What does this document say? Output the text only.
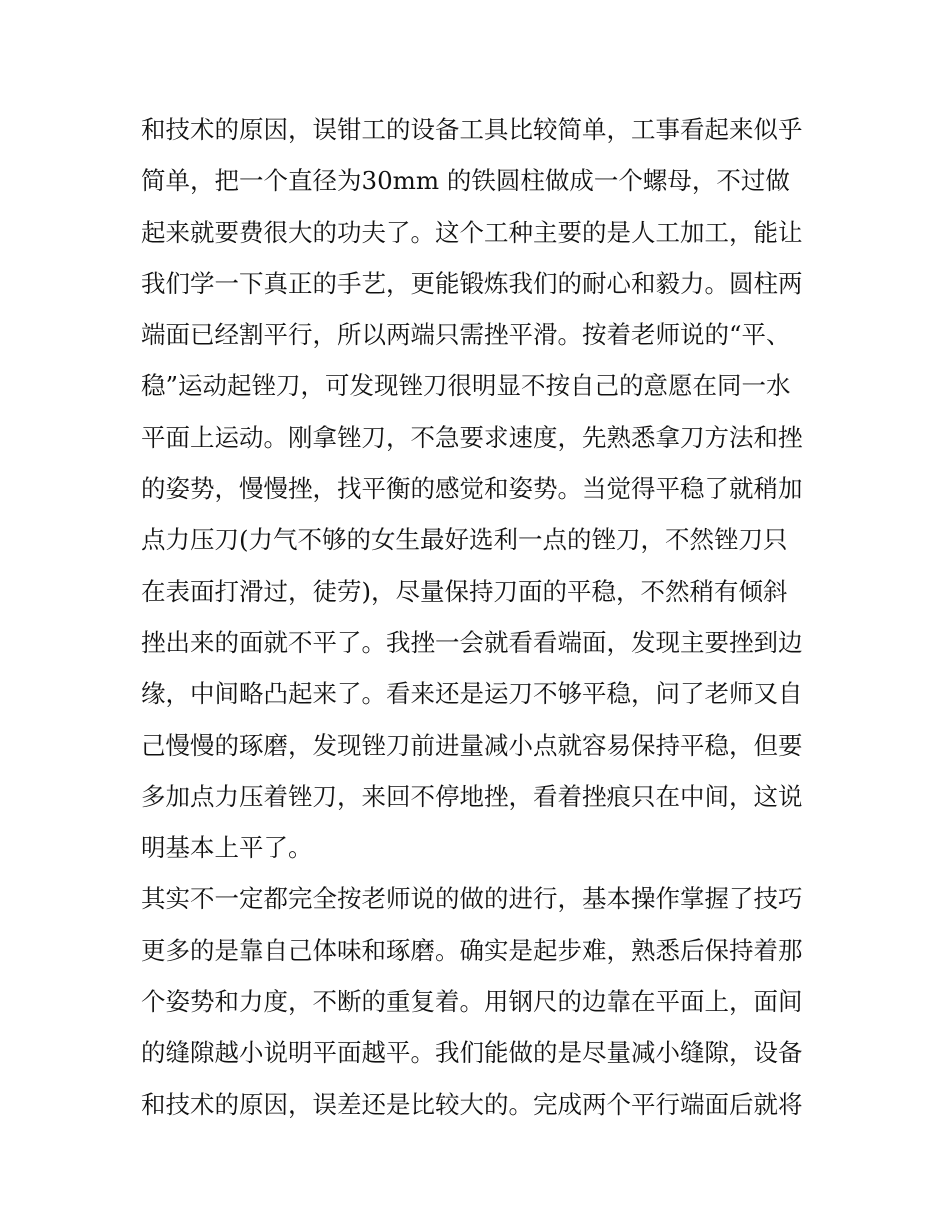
和技术的原因，误钳工的设备工具比较简单，工事看起来似乎
简单，把一个直径为30mm 的铁圆柱做成一个螺母，不过做
起来就要费很大的功夫了。这个工种主要的是人工加工，能让
我们学一下真正的手艺，更能锻炼我们的耐心和毅力。圆柱两
端面已经割平行，所以两端只需挫平滑。按着老师说的“平、
稳”运动起锉刀，可发现锉刀很明显不按自己的意愿在同一水
平面上运动。刚拿锉刀，不急要求速度，先熟悉拿刀方法和挫
的姿势，慢慢挫，找平衡的感觉和姿势。当觉得平稳了就稍加
点力压刀(力气不够的女生最好选利一点的锉刀，不然锉刀只
在表面打滑过，徒劳)，尽量保持刀面的平稳，不然稍有倾斜
挫出来的面就不平了。我挫一会就看看端面，发现主要挫到边
缘，中间略凸起来了。看来还是运刀不够平稳，问了老师又自
己慢慢的琢磨，发现锉刀前进量减小点就容易保持平稳，但要
多加点力压着锉刀，来回不停地挫，看着挫痕只在中间，这说
明基本上平了。
其实不一定都完全按老师说的做的进行，基本操作掌握了技巧
更多的是靠自己体味和琢磨。确实是起步难，熟悉后保持着那
个姿势和力度，不断的重复着。用钢尺的边靠在平面上，面间
的缝隙越小说明平面越平。我们能做的是尽量减小缝隙，设备
和技术的原因，误差还是比较大的。完成两个平行端面后就将
